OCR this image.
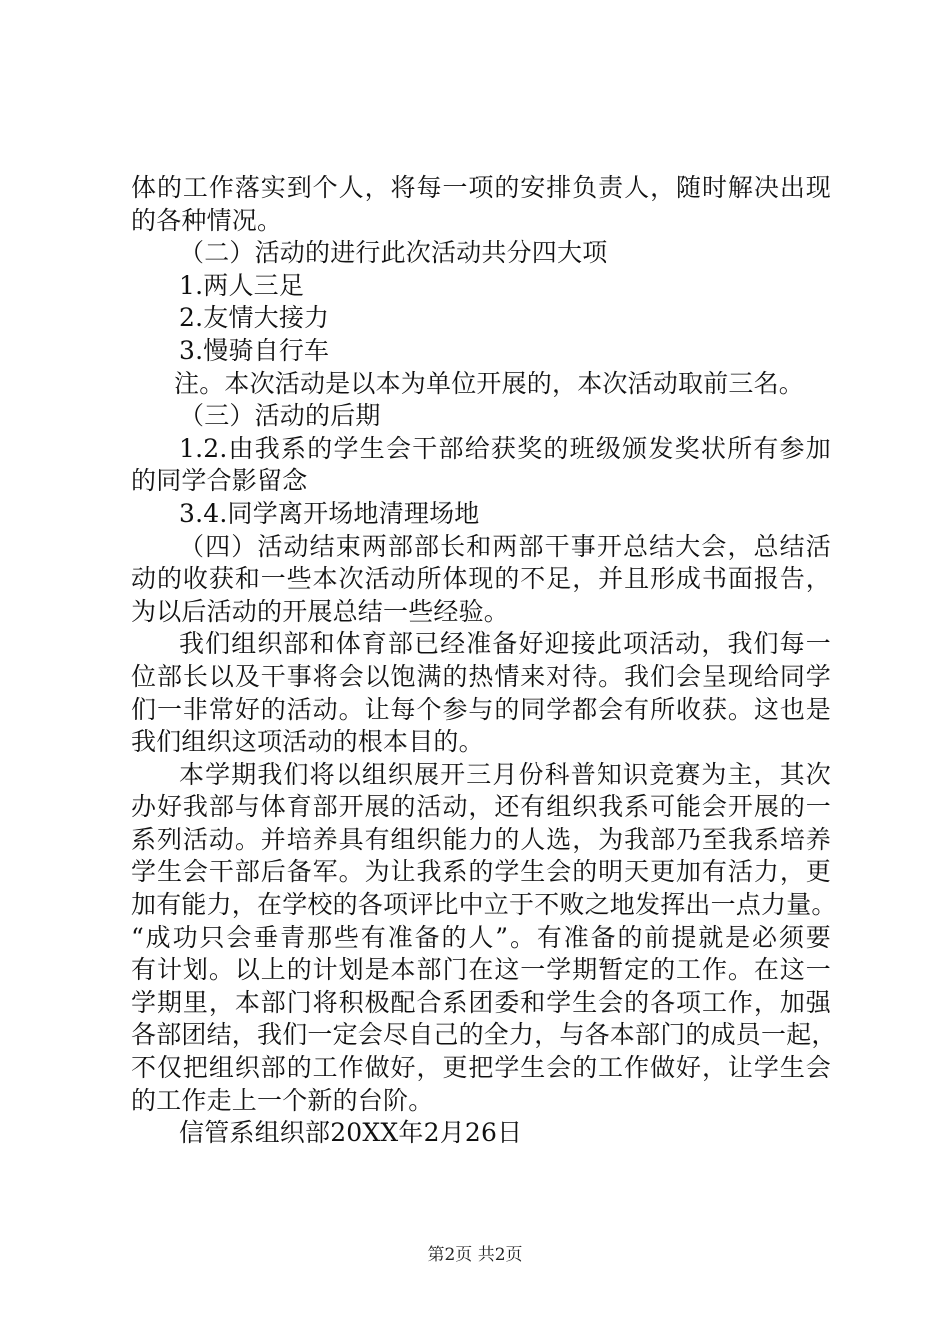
体的工作落实到个人，将每一项的安排负责人，随时解决出现
的各种情况。
（二）活动的进行此次活动共分四大项
1.两人三足
2.友情大接力
3.慢骑自行车
注。本次活动是以本为单位开展的，本次活动取前三名。
（三）活动的后期
1.2.由我系的学生会干部给获奖的班级颁发奖状所有参加
的同学合影留念
3.4.同学离开场地清理场地
（四）活动结束两部部长和两部干事开总结大会，总结活
动的收获和一些本次活动所体现的不足，并且形成书面报告，
为以后活动的开展总结一些经验。
我们组织部和体育部已经准备好迎接此项活动，我们每一
位部长以及干事将会以饱满的热情来对待。我们会呈现给同学
们一非常好的活动。让每个参与的同学都会有所收获。这也是
我们组织这项活动的根本目的。
本学期我们将以组织展开三月份科普知识竞赛为主，其次
办好我部与体育部开展的活动，还有组织我系可能会开展的一
系列活动。并培养具有组织能力的人选，为我部乃至我系培养
学生会干部后备军。为让我系的学生会的明天更加有活力，更
加有能力，在学校的各项评比中立于不败之地发挥出一点力量。
“成功只会垂青那些有准备的人”。有准备的前提就是必须要
有计划。以上的计划是本部门在这一学期暂定的工作。在这一
学期里，本部门将积极配合系团委和学生会的各项工作，加强
各部团结，我们一定会尽自己的全力，与各本部门的成员一起，
不仅把组织部的工作做好，更把学生会的工作做好，让学生会
的工作走上一个新的台阶。
信管系组织部20XX年2月26日
第2页 共2页
